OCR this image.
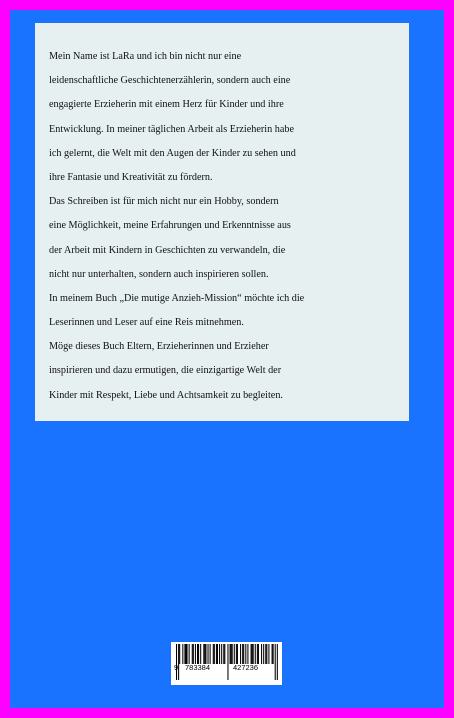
Mein Name ist LaRa und ich bin nicht nur eine
leidenschaftliche Geschichtenerzählerin, sondern auch eine
engagierte Erzieherin mit einem Herz für Kinder und ihre
Entwicklung. In meiner täglichen Arbeit als Erzieherin habe
ich gelernt, die Welt mit den Augen der Kinder zu sehen und
ihre Fantasie und Kreativität zu fördern.
Das Schreiben ist für mich nicht nur ein Hobby, sondern
eine Möglichkeit, meine Erfahrungen und Erkenntnisse aus
der Arbeit mit Kindern in Geschichten zu verwandeln, die
nicht nur unterhalten, sondern auch inspirieren sollen.
In meinem Buch „Die mutige Anzieh-Mission“ möchte ich die
Leserinnen und Leser auf eine Reis mitnehmen.
Möge dieses Buch Eltern, Erzieherinnen und Erzieher
inspirieren und dazu ermutigen, die einzigartige Welt der
Kinder mit Respekt, Liebe und Achtsamkeit zu begleiten.
9 783384	427236
